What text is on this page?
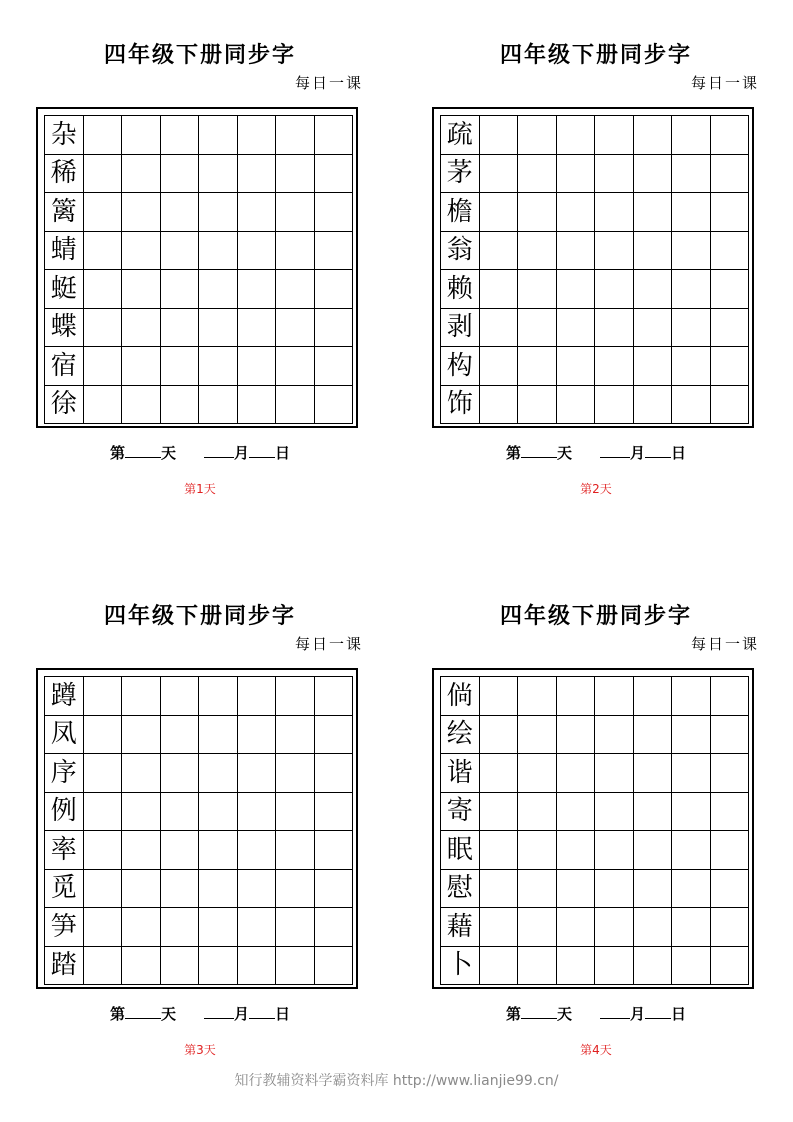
四年级下册同步字
每日一课
杂
稀
篱
蜻
蜓
蝶
宿
徐
第 天	月 日
第1天
四年级下册同步字
每日一课
疏
茅
檐
翁
赖
剥
构
饰
第 天	月 日
第2天
四年级下册同步字
每日一课
蹲
凤
序
例
率
觅
笋
踏
第 天	月 日
第3天
四年级下册同步字
每日一课
倘
绘
谐
寄
眠
慰
藉
卜
第 天	月 日
第4天
知行教辅资料学霸资料库 http://www.lianjie99.cn/
